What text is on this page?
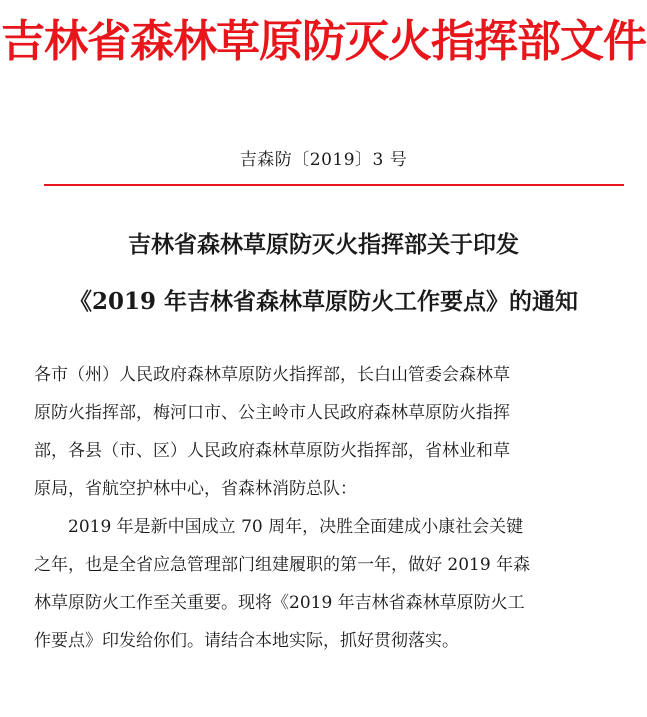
吉林省森林草原防灭火指挥部文件
吉森防〔2019〕3 号
吉林省森林草原防灭火指挥部关于印发
《2019 年吉林省森林草原防火工作要点》的通知
各市（州）人民政府森林草原防火指挥部，长白山管委会森林草
原防火指挥部，梅河口市、公主岭市人民政府森林草原防火指挥
部，各县（市、区）人民政府森林草原防火指挥部，省林业和草
原局，省航空护林中心，省森林消防总队：
2019 年是新中国成立 70 周年，决胜全面建成小康社会关键
之年，也是全省应急管理部门组建履职的第一年，做好 2019 年森
林草原防火工作至关重要。现将《2019 年吉林省森林草原防火工
作要点》印发给你们。请结合本地实际，抓好贯彻落实。
